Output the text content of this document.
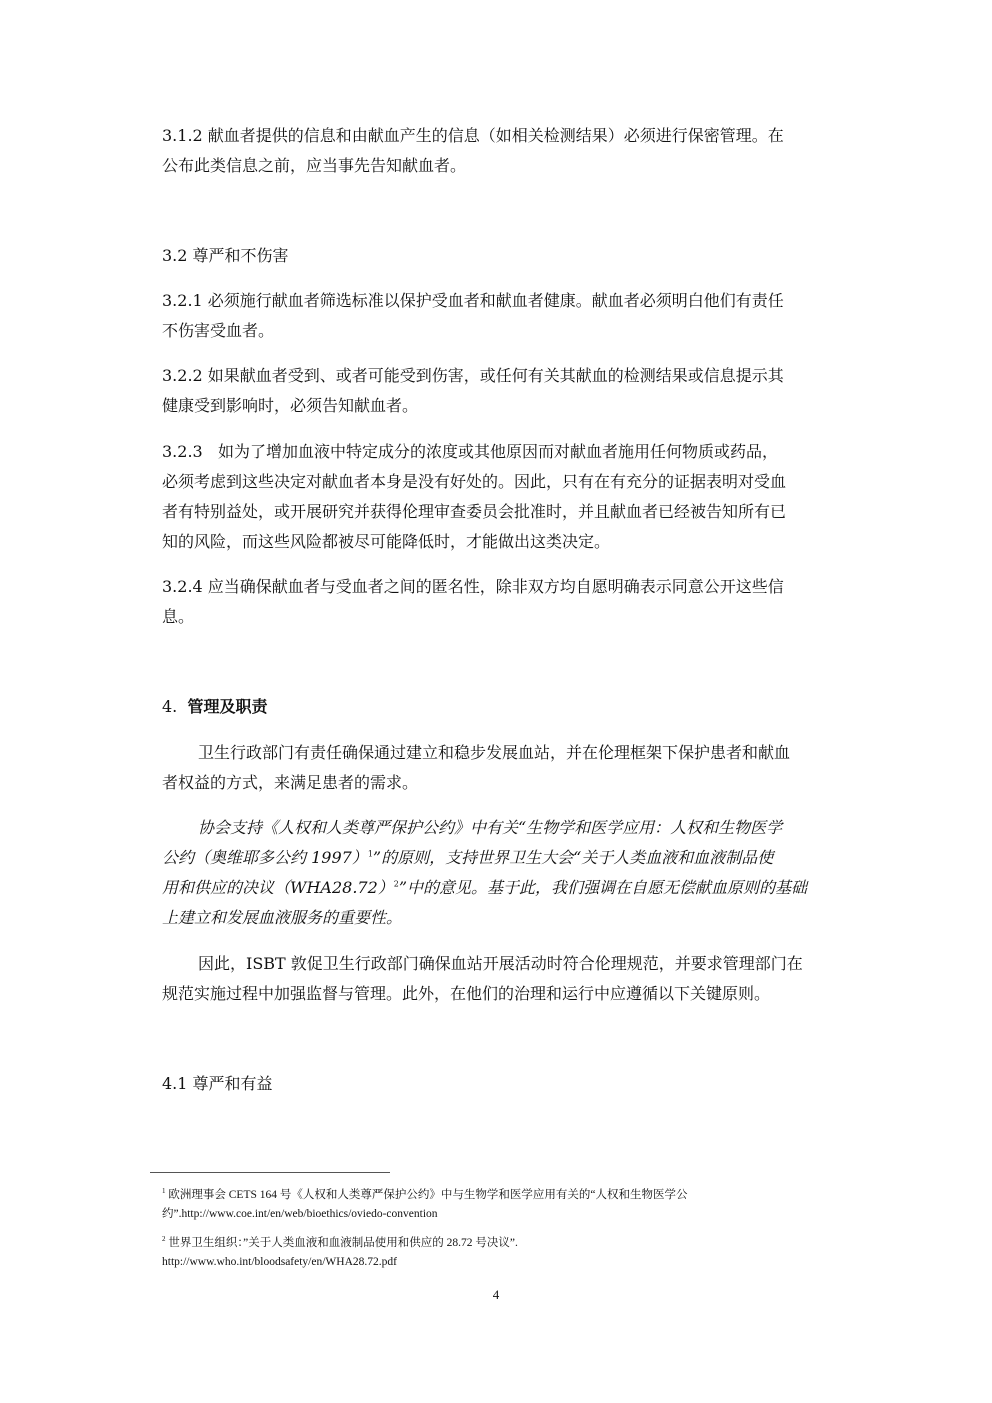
3.1.2 献血者提供的信息和由献血产生的信息（如相关检测结果）必须进行保密管理。在
公布此类信息之前，应当事先告知献血者。

3.2 尊严和不伤害

3.2.1 必须施行献血者筛选标准以保护受血者和献血者健康。献血者必须明白他们有责任
不伤害受血者。

3.2.2 如果献血者受到、或者可能受到伤害，或任何有关其献血的检测结果或信息提示其
健康受到影响时，必须告知献血者。

3.2.3   如为了增加血液中特定成分的浓度或其他原因而对献血者施用任何物质或药品，
必须考虑到这些决定对献血者本身是没有好处的。因此，只有在有充分的证据表明对受血
者有特别益处，或开展研究并获得伦理审查委员会批准时，并且献血者已经被告知所有已
知的风险，而这些风险都被尽可能降低时，才能做出这类决定。

3.2.4 应当确保献血者与受血者之间的匿名性，除非双方均自愿明确表示同意公开这些信
息。

4. 管理及职责

卫生行政部门有责任确保通过建立和稳步发展血站，并在伦理框架下保护患者和献血
者权益的方式，来满足患者的需求。

协会支持《人权和人类尊严保护公约》中有关“生物学和医学应用：人权和生物医学
公约（奥维耶多公约 1997）$^1$”的原则，支持世界卫生大会“关于人类血液和血液制品使
用和供应的决议（WHA28.72）$^2$”中的意见。基于此，我们强调在自愿无偿献血原则的基础
上建立和发展血液服务的重要性。

因此，ISBT 敦促卫生行政部门确保血站开展活动时符合伦理规范，并要求管理部门在
规范实施过程中加强监督与管理。此外，在他们的治理和运行中应遵循以下关键原则。

4.1 尊严和有益

$^1$ 欧洲理事会 CETS 164 号《人权和人类尊严保护公约》中与生物学和医学应用有关的“人权和生物医学公
约”.http://www.coe.int/en/web/bioethics/oviedo-convention

$^2$ 世界卫生组织：”关于人类血液和血液制品使用和供应的 28.72 号决议”.
http://www.who.int/bloodsafety/en/WHA28.72.pdf

4
